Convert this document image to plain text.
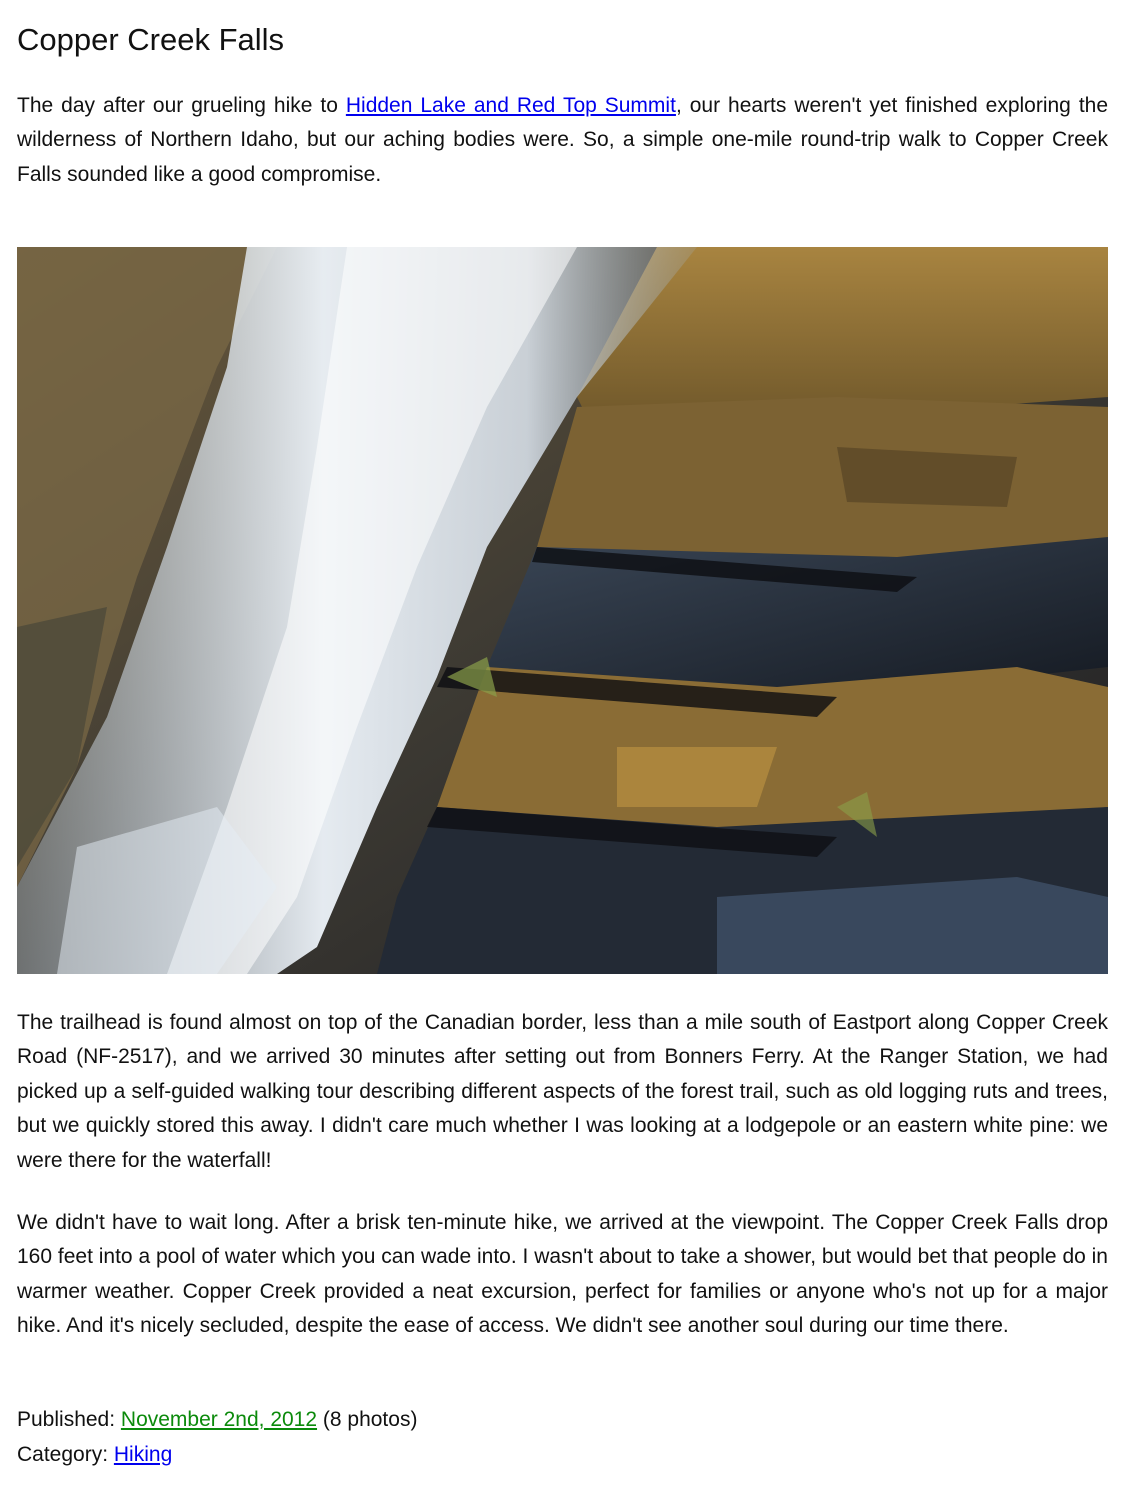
Copper Creek Falls

The day after our grueling hike to Hidden Lake and Red Top Summit, our hearts weren't yet finished exploring the wilderness of Northern Idaho, but our aching bodies were. So, a simple one-mile round-trip walk to Copper Creek Falls sounded like a good compromise.

The trailhead is found almost on top of the Canadian border, less than a mile south of Eastport along Copper Creek Road (NF-2517), and we arrived 30 minutes after setting out from Bonners Ferry. At the Ranger Station, we had picked up a self-guided walking tour describing different aspects of the forest trail, such as old logging ruts and trees, but we quickly stored this away. I didn't care much whether I was looking at a lodgepole or an eastern white pine: we were there for the waterfall!

We didn't have to wait long. After a brisk ten-minute hike, we arrived at the viewpoint. The Copper Creek Falls drop 160 feet into a pool of water which you can wade into. I wasn't about to take a shower, but would bet that people do in warmer weather. Copper Creek provided a neat excursion, perfect for families or anyone who's not up for a major hike. And it's nicely secluded, despite the ease of access. We didn't see another soul during our time there.

Published: November 2nd, 2012 (8 photos)

Category: Hiking
